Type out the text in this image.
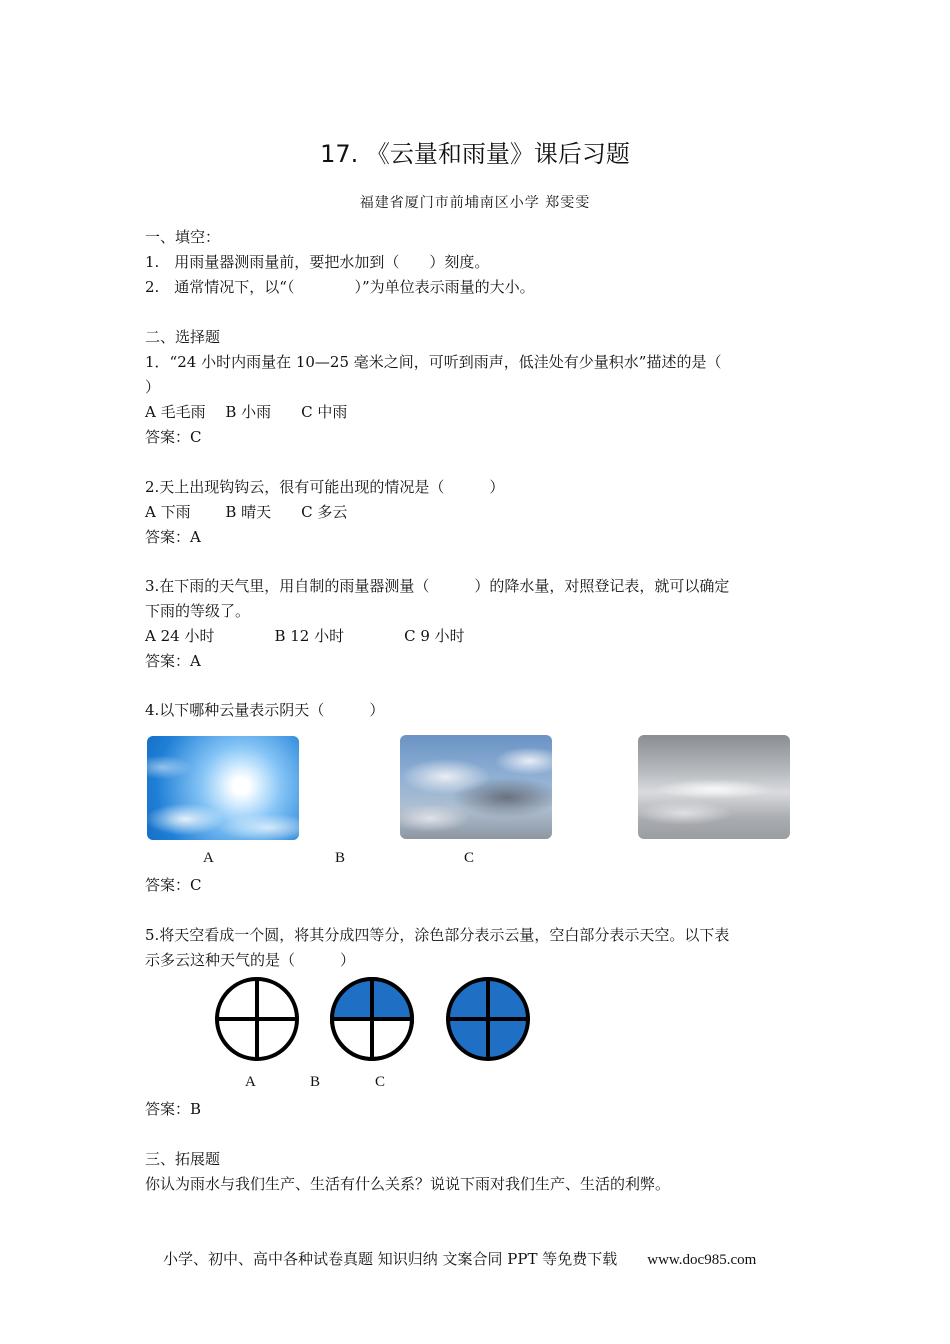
17. 《云量和雨量》课后习题
福建省厦门市前埔南区小学 郑雯雯
一、填空：
1.　用雨量器测雨量前，要把水加到（　　）刻度。
2.　通常情况下，以“（　　　　）”为单位表示雨量的大小。
二、选择题
1．“24 小时内雨量在 10—25 毫米之间，可听到雨声，低洼处有少量积水”描述的是（
）
A 毛毛雨　 B 小雨　　C 中雨
答案：C
2.天上出现钩钩云，很有可能出现的情况是（　　　）
A 下雨　　 B 晴天　　C 多云
答案：A
3.在下雨的天气里，用自制的雨量器测量（　　　）的降水量，对照登记表，就可以确定
下雨的等级了。
A 24 小时　　　　B 12 小时　　　　C 9 小时
答案：A
4.以下哪种云量表示阴天（　　　）
A	B	C
答案：C
5.将天空看成一个圆，将其分成四等分，涂色部分表示云量，空白部分表示天空。以下表
示多云这种天气的是（　　　）
A	B	C
答案：B
三、拓展题
你认为雨水与我们生产、生活有什么关系？说说下雨对我们生产、生活的利弊。
小学、初中、高中各种试卷真题 知识归纳 文案合同 PPT 等免费下载 www.doc985.com
